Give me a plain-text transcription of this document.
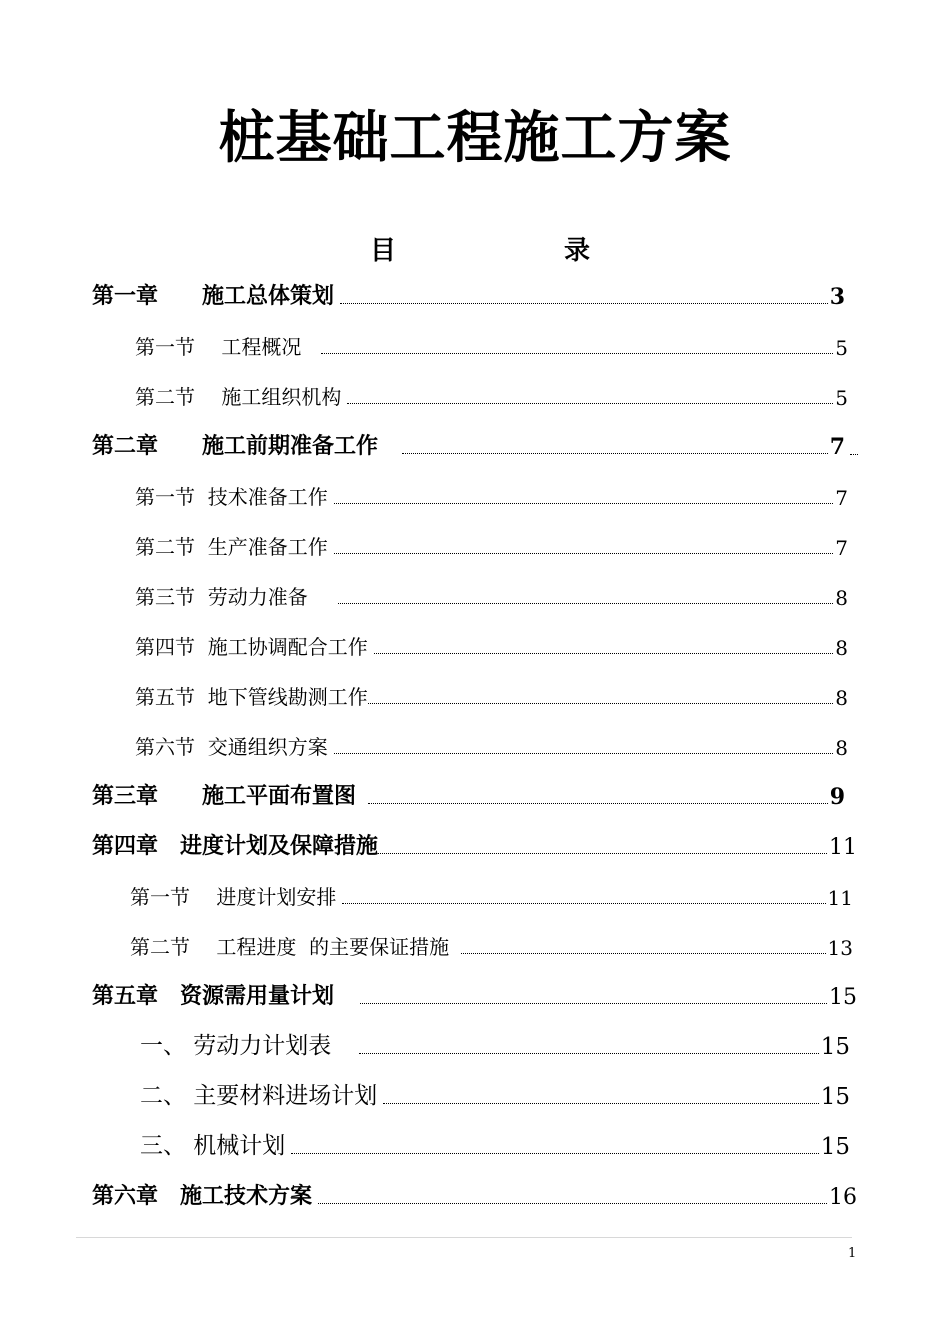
桩基础工程施工方案
目	录
第一章　　施工总体策划	3
第一节　 工程概况	5
第二节　 施工组织机构	5
第二章　　施工前期准备工作	7
第一节  技术准备工作	7
第二节  生产准备工作	7
第三节  劳动力准备	8
第四节  施工协调配合工作	8
第五节  地下管线勘测工作	8
第六节  交通组织方案	8
第三章　　施工平面布置图	9
第四章　进度计划及保障措施	11
第一节　 进度计划安排	11
第二节　 工程进度  的主要保证措施	13
第五章　资源需用量计划	15
一、 劳动力计划表	15
二、 主要材料进场计划	15
三、 机械计划	15
第六章　施工技术方案	16
1
